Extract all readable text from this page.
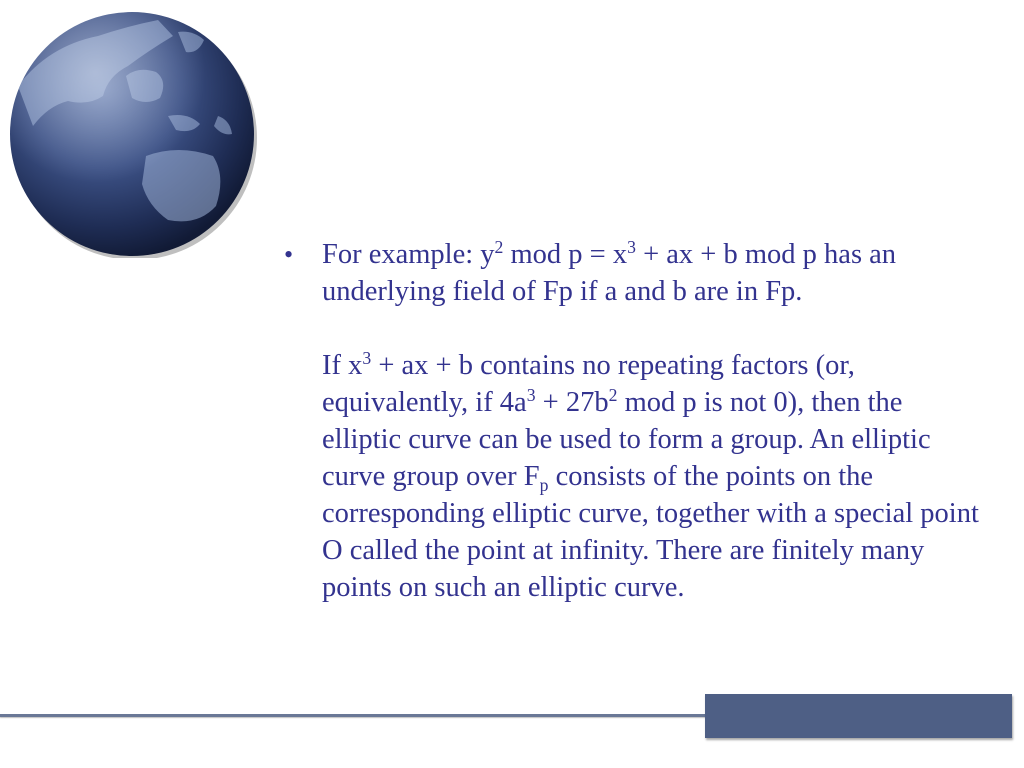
• For example: $y^2$ mod $p = x^3$ + ax + b mod p has an underlying field of Fp if a and b are in Fp.
If $x^3$ + ax + b contains no repeating factors (or, equivalently, if $4a^3 + 27b^2$ mod p is not 0), then the elliptic curve can be used to form a group. An elliptic curve group over $F_p$ consists of the points on the corresponding elliptic curve, together with a special point O called the point at infinity. There are finitely many points on such an elliptic curve.
